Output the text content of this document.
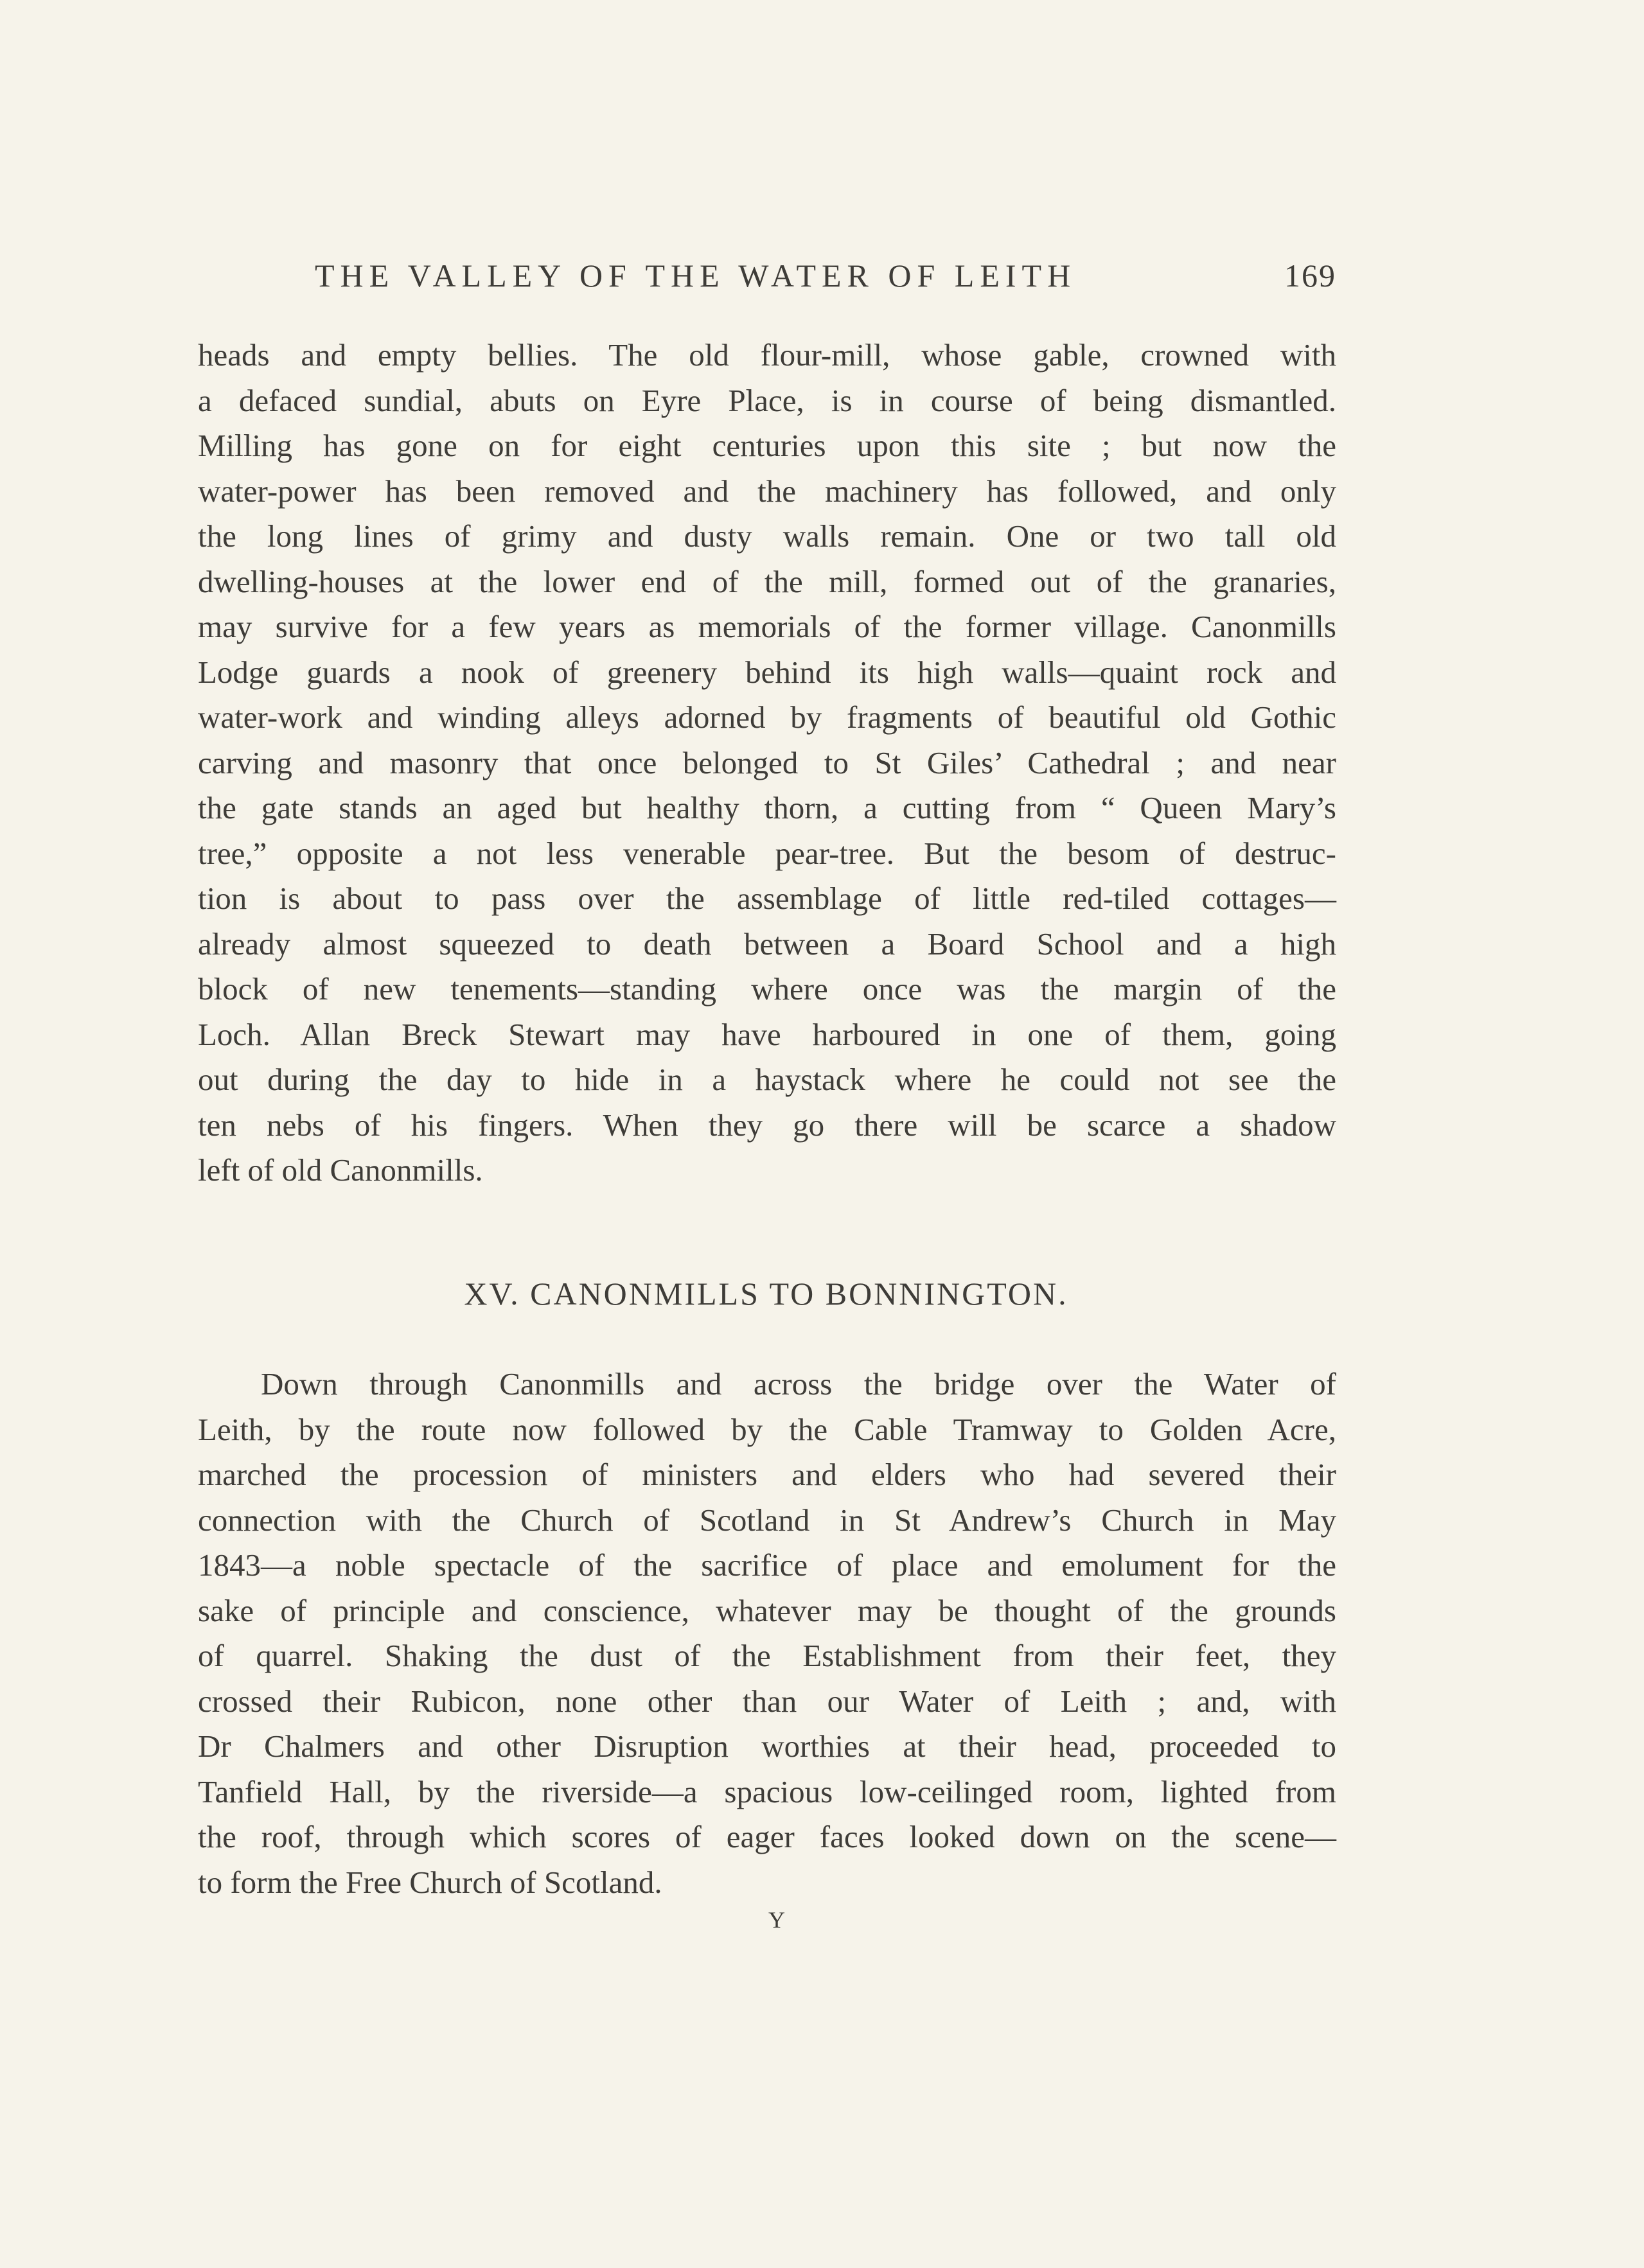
THE VALLEY OF THE WATER OF LEITH	169
heads and empty bellies. The old flour-mill, whose gable, crowned with
a defaced sundial, abuts on Eyre Place, is in course of being dismantled.
Milling has gone on for eight centuries upon this site ; but now the
water-power has been removed and the machinery has followed, and only
the long lines of grimy and dusty walls remain. One or two tall old
dwelling-houses at the lower end of the mill, formed out of the granaries,
may survive for a few years as memorials of the former village. Canonmills
Lodge guards a nook of greenery behind its high walls—quaint rock and
water-work and winding alleys adorned by fragments of beautiful old Gothic
carving and masonry that once belonged to St Giles’ Cathedral ; and near
the gate stands an aged but healthy thorn, a cutting from “ Queen Mary’s
tree,” opposite a not less venerable pear-tree. But the besom of destruc-
tion is about to pass over the assemblage of little red-tiled cottages—
already almost squeezed to death between a Board School and a high
block of new tenements—standing where once was the margin of the
Loch. Allan Breck Stewart may have harboured in one of them, going
out during the day to hide in a haystack where he could not see the
ten nebs of his fingers. When they go there will be scarce a shadow
left of old Canonmills.
XV. CANONMILLS TO BONNINGTON.
Down through Canonmills and across the bridge over the Water of
Leith, by the route now followed by the Cable Tramway to Golden Acre,
marched the procession of ministers and elders who had severed their
connection with the Church of Scotland in St Andrew’s Church in May
1843—a noble spectacle of the sacrifice of place and emolument for the
sake of principle and conscience, whatever may be thought of the grounds
of quarrel. Shaking the dust of the Establishment from their feet, they
crossed their Rubicon, none other than our Water of Leith ; and, with
Dr Chalmers and other Disruption worthies at their head, proceeded to
Tanfield Hall, by the riverside—a spacious low-ceilinged room, lighted from
the roof, through which scores of eager faces looked down on the scene—
to form the Free Church of Scotland.
Y
